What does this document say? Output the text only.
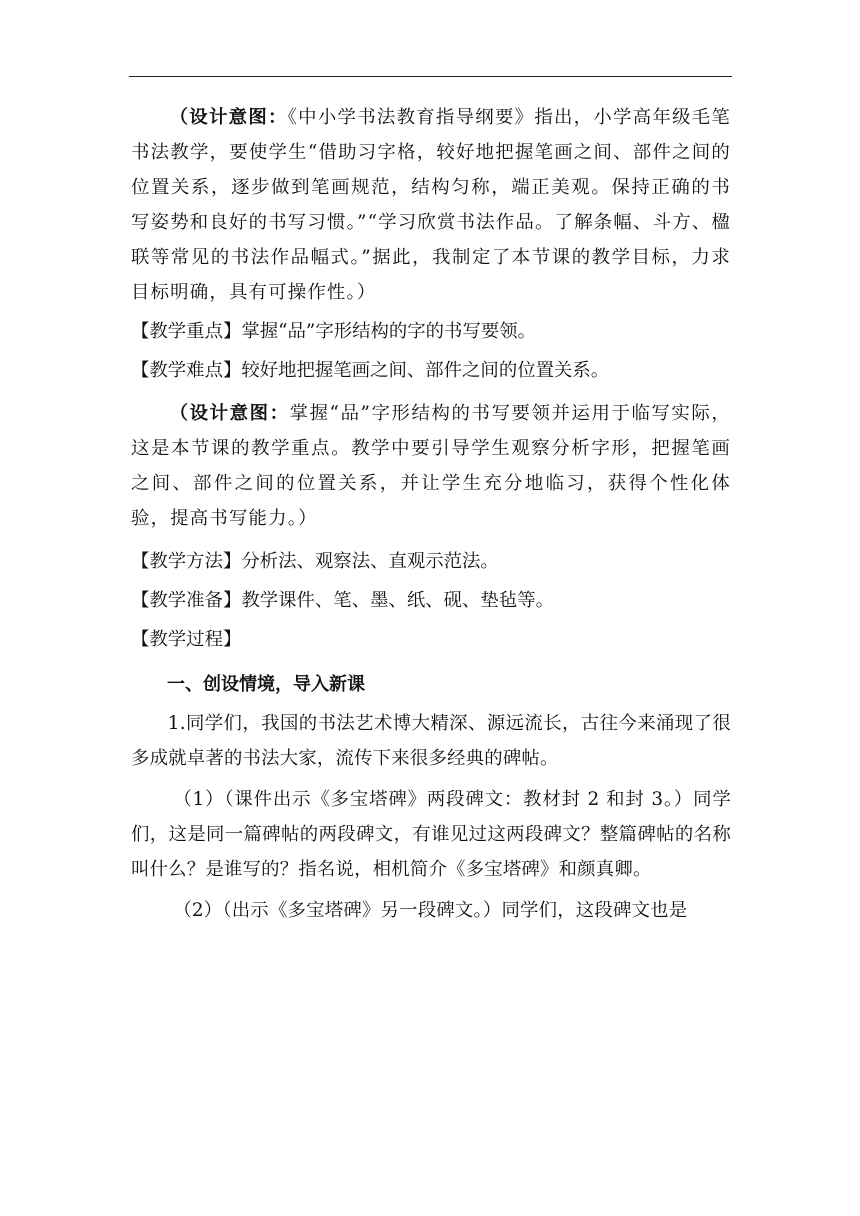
（设计意图：《中小学书法教育指导纲要》指出，小学高年级毛笔书法教学，要使学生“借助习字格，较好地把握笔画之间、部件之间的位置关系，逐步做到笔画规范，结构匀称，端正美观。保持正确的书写姿势和良好的书写习惯。”“学习欣赏书法作品。了解条幅、斗方、楹联等常见的书法作品幅式。”据此，我制定了本节课的教学目标，力求目标明确，具有可操作性。）

【教学重点】掌握“品”字形结构的字的书写要领。

【教学难点】较好地把握笔画之间、部件之间的位置关系。

（设计意图：掌握“品”字形结构的书写要领并运用于临写实际，这是本节课的教学重点。教学中要引导学生观察分析字形，把握笔画之间、部件之间的位置关系，并让学生充分地临习，获得个性化体验，提高书写能力。）

【教学方法】分析法、观察法、直观示范法。

【教学准备】教学课件、笔、墨、纸、砚、垫毡等。

【教学过程】

一、创设情境，导入新课

1.同学们，我国的书法艺术博大精深、源远流长，古往今来涌现了很多成就卓著的书法大家，流传下来很多经典的碑帖。

（1）（课件出示《多宝塔碑》两段碑文：教材封 2 和封 3。）同学们，这是同一篇碑帖的两段碑文，有谁见过这两段碑文？整篇碑帖的名称叫什么？是谁写的？指名说，相机简介《多宝塔碑》和颜真卿。

（2）（出示《多宝塔碑》另一段碑文。）同学们，这段碑文也是
